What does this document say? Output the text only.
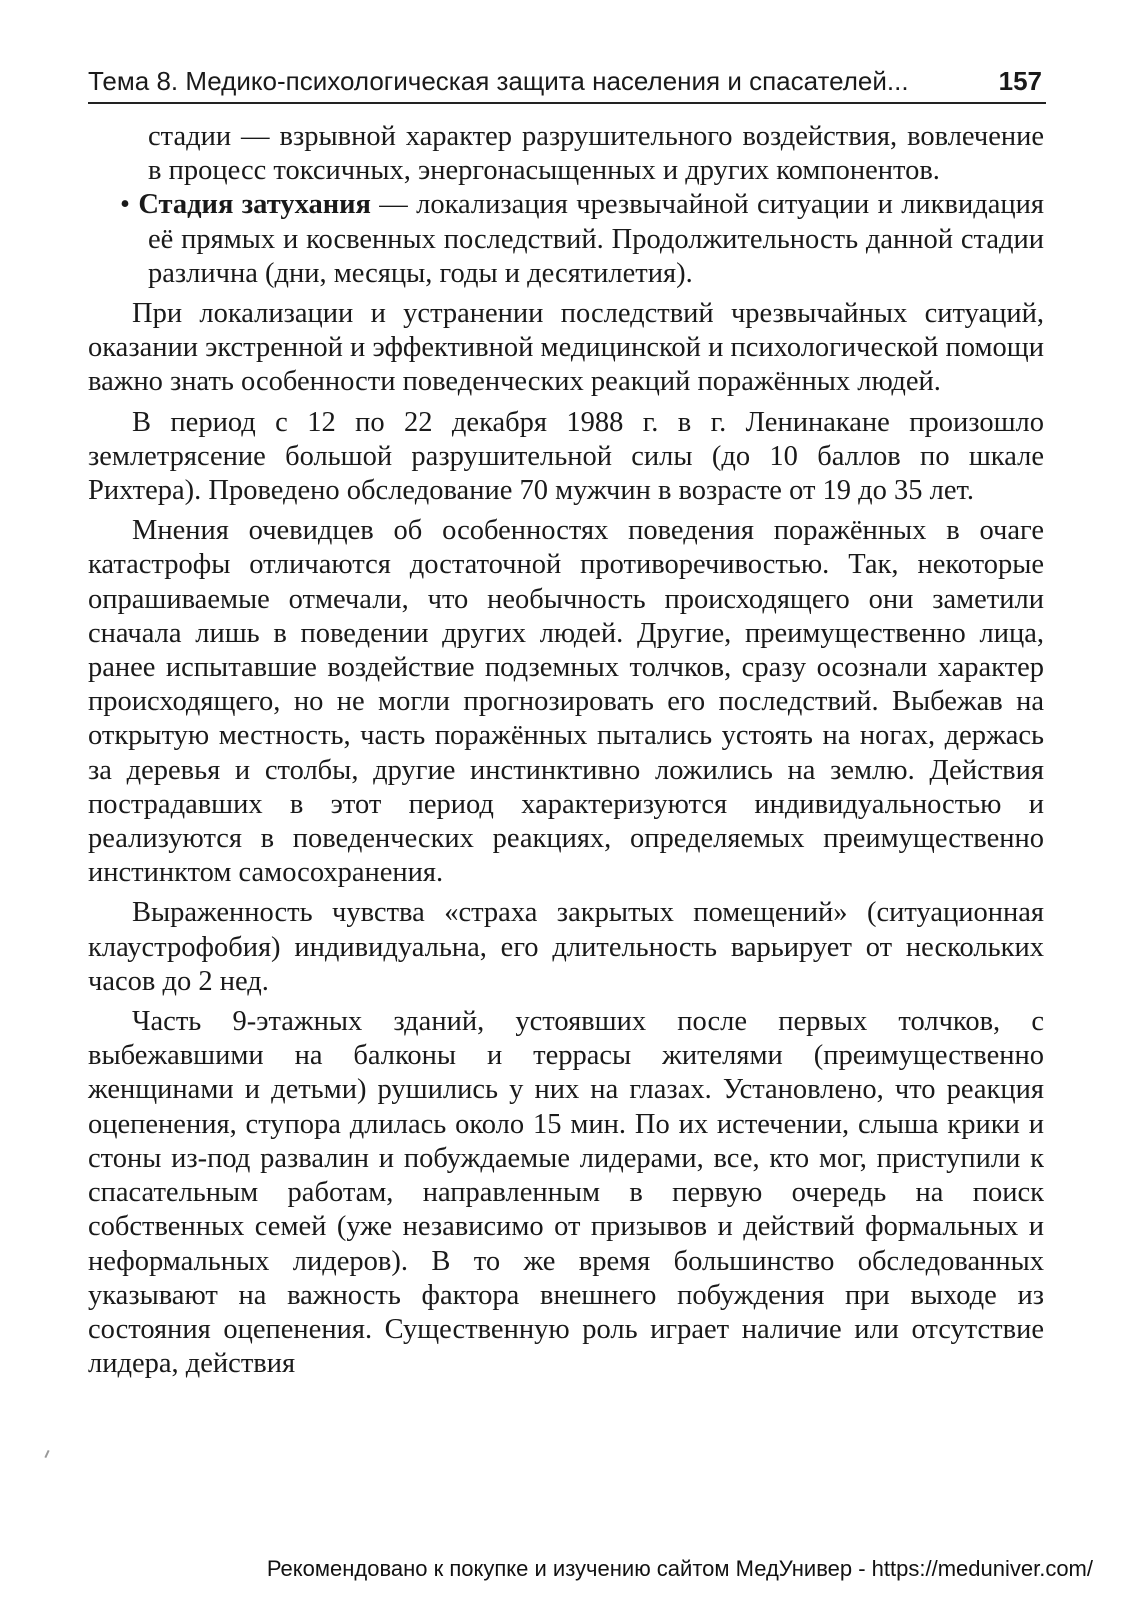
Тема 8. Медико-психологическая защита населения и спасателей...	157

стадии — взрывной характер разрушительного воздействия, вовлечение в процесс токсичных, энергонасыщенных и других компонентов.

• Стадия затухания — локализация чрезвычайной ситуации и ликвидация её прямых и косвенных последствий. Продолжительность данной стадии различна (дни, месяцы, годы и десятилетия).

При локализации и устранении последствий чрезвычайных ситуаций, оказании экстренной и эффективной медицинской и психологической помощи важно знать особенности поведенческих реакций поражённых людей.

В период с 12 по 22 декабря 1988 г. в г. Ленинакане произошло землетрясение большой разрушительной силы (до 10 баллов по шкале Рихтера). Проведено обследование 70 мужчин в возрасте от 19 до 35 лет.

Мнения очевидцев об особенностях поведения поражённых в очаге катастрофы отличаются достаточной противоречивостью. Так, некоторые опрашиваемые отмечали, что необычность происходящего они заметили сначала лишь в поведении других людей. Другие, преимущественно лица, ранее испытавшие воздействие подземных толчков, сразу осознали характер происходящего, но не могли прогнозировать его последствий. Выбежав на открытую местность, часть поражённых пытались устоять на ногах, держась за деревья и столбы, другие инстинктивно ложились на землю. Действия пострадавших в этот период характеризуются индивидуальностью и реализуются в поведенческих реакциях, определяемых преимущественно инстинктом самосохранения.

Выраженность чувства «страха закрытых помещений» (ситуационная клаустрофобия) индивидуальна, его длительность варьирует от нескольких часов до 2 нед.

Часть 9-этажных зданий, устоявших после первых толчков, с выбежавшими на балконы и террасы жителями (преимущественно женщинами и детьми) рушились у них на глазах. Установлено, что реакция оцепенения, ступора длилась около 15 мин. По их истечении, слыша крики и стоны из-под развалин и побуждаемые лидерами, все, кто мог, приступили к спасательным работам, направленным в первую очередь на поиск собственных семей (уже независимо от призывов и действий формальных и неформальных лидеров). В то же время большинство обследованных указывают на важность фактора внешнего побуждения при выходе из состояния оцепенения. Существенную роль играет наличие или отсутствие лидера, действия

Рекомендовано к покупке и изучению сайтом МедУнивер - https://meduniver.com/
